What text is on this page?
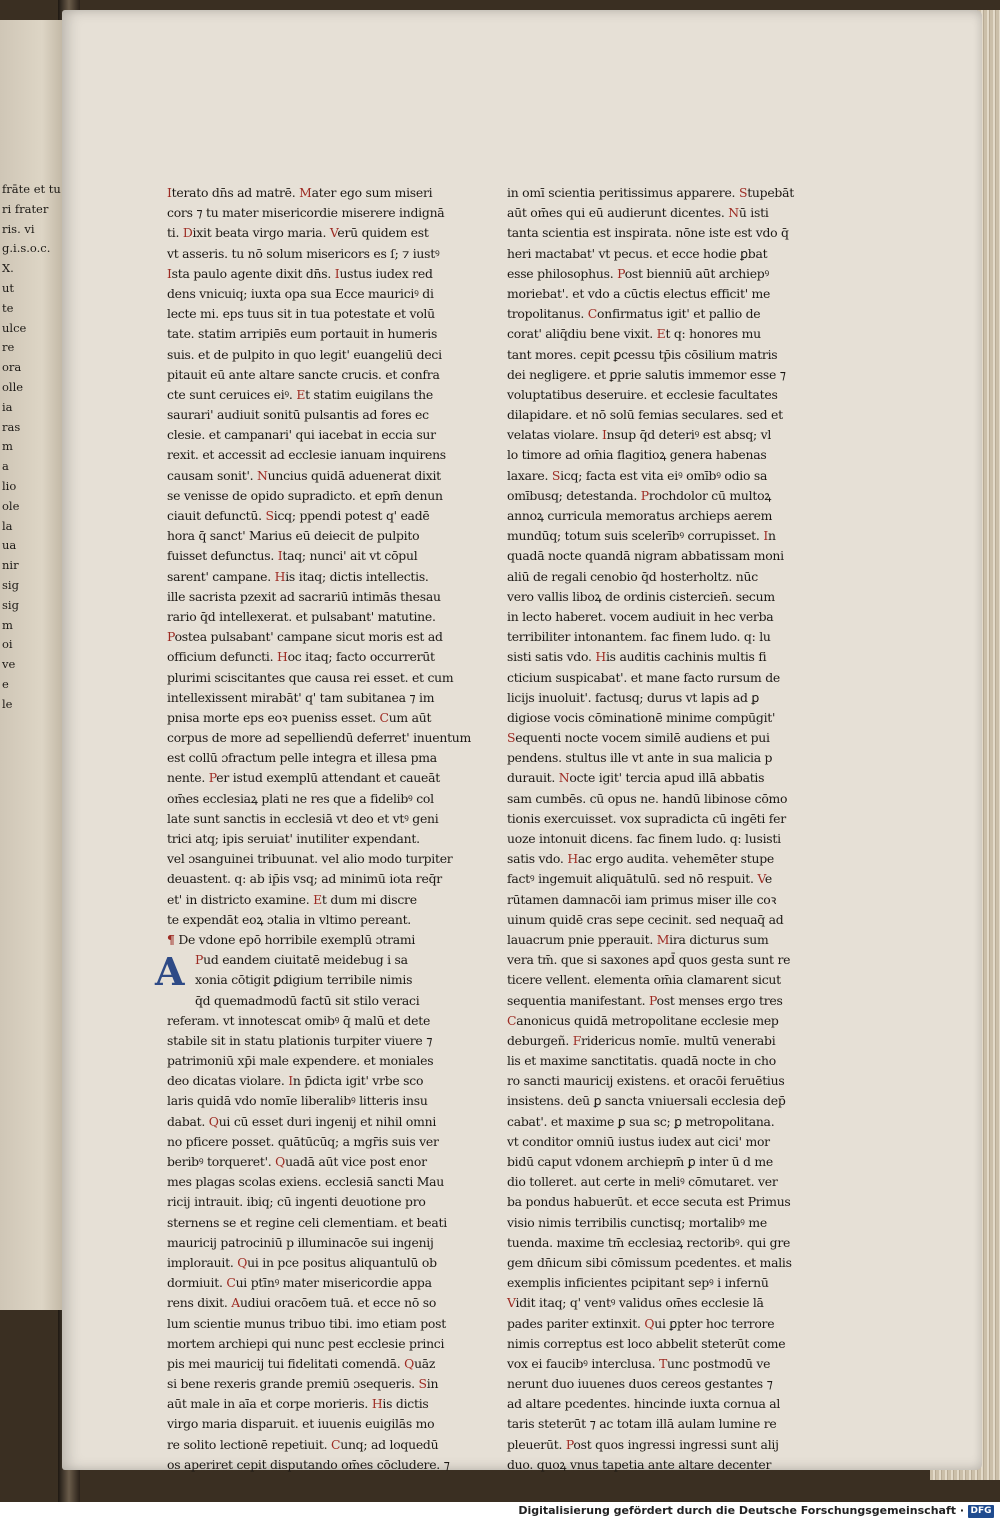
frāte et tu
ri frater
ris. vi
g.i.s.o.c.
X.
ut
te
ulce
re
ora
olle
ia
ras
m
a
lio
ole
la
ua
nir
sig
sig
m
oi
ve
e
le
Iterato dn̄s ad matrē. Mater ego sum miseri
cors ⁊ tu mater misericordie miserere indignā
ti. Dixit beata virgo maria. Verū quidem est
vt asseris. tu nō solum misericors es ſ; ⁊ iustꝰ
Ista paulo agente dixit dn̄s. Iustus iudex red
dens vnicuiq; iuxta opa sua Ecce mauriciꝰ di
lecte mi. eps tuus sit in tua potestate et volū
tate. statim arripiēs eum portauit in humeris
suis. et de pulpito in quo legit' euangeliū deci
pitauit eū ante altare sancte crucis. et confra
cte sunt ceruices eiꝰ. Et statim euigilans the
saurari' audiuit sonitū pulsantis ad fores ec
clesie. et campanari' qui iacebat in eccia sur
rexit. et accessit ad ecclesie ianuam inquirens
causam sonit'. Nuncius quidā aduenerat dixit
se venisse de opido supradicto. et epm̄ denun
ciauit defunctū. Sicq; ppendi potest q' eadē
hora q̄ sanct' Marius eū deiecit de pulpito
fuisset defunctus. Itaq; nunci' ait vt cōpul
sarent' campane. His itaq; dictis intellectis.
ille sacrista pzexit ad sacrariū intimās thesau
rario q̄d intellexerat. et pulsabant' matutine.
Postea pulsabant' campane sicut moris est ad
officium defuncti. Hoc itaq; facto occurrerūt
plurimi sciscitantes que causa rei esset. et cum
intellexissent mirabāt' q' tam subitanea ⁊ im
pnisa morte eps eoꝛ pueniss esset. Cum aūt
corpus de more ad sepelliendū deferret' inuentum
est collū ɔfractum pelle integra et illesa pma
nente. Per istud exemplū attendant et caueāt
om̄es ecclesiaꝝ plati ne res que a fidelibꝰ col
late sunt sanctis in ecclesiā vt deo et vtꝰ geni
trici atq; ipis seruiat' inutiliter expendant.
vel ɔsanguinei tribuunat. vel alio modo turpiter
deuastent. q: ab ip̄is vsq; ad minimū iota req̄r
et' in districto examine. Et dum mi̇ discre
te expendāt eoꝝ ɔtalia in vltimo pereant.
¶ De vdone epō horribile exemplū ɔtrami
A Pud eandem ciuitatē meidebug i sa
xonia cōtigit ꝑdigium terribile nimis
q̄d quemadmodū factū sit stilo veraci
referam. vt innotescat omibꝰ q̄ malū et dete
stabile sit in statu plationis turpiter viuere ⁊
patrimoniū xp̄i male expendere. et moniales
deo dicatas violare. In p̄dicta igit' vrbe sco
laris quidā vdo nomīe liberalibꝰ litteris insu
dabat. Qui cū esset duri ingenij et nihil omni
no pficere posset. quātūcūq; a mgr̄is suis ver
beribꝰ torqueret'. Quadā aūt vice post enor
mes plagas scolas exiens. ecclesiā sancti Mau
ricij intrauit. ibiq; cū ingenti deuotione pro
sternens se et regine celi clementiam. et beati
mauricij patrociniū p illuminacōe sui ingenij
implorauit. Qui in pce positus aliquantulū ob
dormiuit. Cui ptīnꝰ mater misericordie appa
rens dixit. Audiui oracōem tuā. et ecce nō so
lum scientie munus tribuo tibi. imo etiam post
mortem archiepi qui nunc pest ecclesie princi
pis mei mauricij tui fidelitati comendā. Quāz
si bene rexeris grande premiū ɔsequeris. Sin
aūt male in aīa et corpe morieris. His dictis
virgo maria disparuit. et iuuenis euigilās mo
re solito lectionē repetiuit. Cunq; ad loquedū
os aperiret cepit disputando om̄es cōcludere. ⁊
in omī scientia peritissimus apparere. Stupebāt
aūt om̄es qui eū audierunt dicentes. Nū isti
tanta scientia est inspirata. nōne iste est vdo q̄
heri mactabat' vt pecus. et ecce hodie ꝑbat
esse philosophus. Post bienniū aūt archiepꝰ
moriebat'. et vdo a cūctis electus efficit' me
tropolitanus. Confirmatus igit' et pallio de
corat' aliq̄diu bene vixit. Et q: honores mu
tant mores. cepit ꝑcessu tp̄is cōsilium matris
dei negligere. et ꝑprie salutis immemor esse ⁊
voluptatibus deseruire. et ecclesie facultates
dilapidare. et nō solū femias seculares. sed et
velatas violare. Insup q̄d deteriꝰ est absq; vl
lo timore ad om̄ia flagitioꝝ genera habenas
laxare. Sicq; facta est vita eiꝰ omībꝰ odio sa
omībusq; detestanda. Prochdolor cū multoꝝ
annoꝝ curricula memoratus archieps aerem
mundūq; totum suis scelerībꝰ corrupisset. In
quadā nocte quandā nigram abbatissam moni
aliū de regali cenobio q̄d hosterholtz. nūc
vero vallis liboꝝ de ordinis cistercien̄. secum
in lecto haberet. vocem audiuit in hec verba
terribiliter intonantem. fac finem ludo. q: lu
sisti satis vdo. His auditis cachinis multis fi
cticium suspicabat'. et mane facto rursum de
licijs inuoluit'. factusq; durus vt lapis ad ꝑ
digiose vocis cōminationē minime compūgit'
Sequenti nocte vocem similē audiens et pui
pendens. stultus ille vt ante in sua malicia p
durauit. Nocte igit' tercia apud illā abbatis
sam cumbēs. cū opus ne. handū libinose cōmo
tionis exercuisset. vox supradicta cū ingēti fer
uoze intonuit dicens. fac finem ludo. q: lusisti
satis vdo. Hac ergo audita. vehemēter stupe
factꝰ ingemuit aliquātulū. sed nō respuit. Ve
rūtamen damnacōi iam primus miser ille coꝛ
uinum quidē cras sepe cecinit. sed nequaq̄ ad
lauacrum pnie pperauit. Mira dicturus sum
vera tm̄. que si saxones apd̄ quos gesta sunt re
ticere vellent. elementa om̄ia clamarent sicut
sequentia manifestant. Post menses ergo tres
Canonicus quidā metropolitane ecclesie mep
deburgeñ. Fridericus nomīe. multū venerabi
lis et maxime sanctitatis. quadā nocte in cho
ro sancti mauricij existens. et oracōi feruētius
insistens. deū ꝑ sancta vniuersali ecclesia dep̄
cabat'. et maxime ꝑ sua sc; ꝑ metropolitana.
vt conditor omniū iustus iudex aut cici' mor
bidū caput vdonem archiepm̄ ꝑ inter ū d me
dio tolleret. aut certe in meliꝰ cōmutaret. ver
ba pondus habuerūt. et ecce secuta est Primus
visio nimis terribilis cunctisq; mortalibꝰ me
tuenda. maxime tm̄ ecclesiaꝝ rectoribꝰ. qui gre
gem dn̄icum sibi cōmissum pcedentes. et malis
exemplis inficientes pcipitant sepꝰ i infernū
Vidit itaq; q' ventꝰ validus om̄es ecclesie lā
pades pariter extinxit. Qui ꝑpter hoc terrore
nimis correptus est loco abbelit steterūt come
vox ei faucibꝰ interclusa. Tunc postmodū ve
nerunt duo iuuenes duos cereos gestantes ⁊
ad altare pcedentes. hincinde iuxta cornua al
taris steterūt ⁊ ac totam illā aulam lumine re
pleuerūt. Post quos ingressi ingressi sunt alij
duo. quoꝝ vnus tapetia ante altare decenter
Digitalisierung gefördert durch die Deutsche Forschungsgemeinschaft · DFG
